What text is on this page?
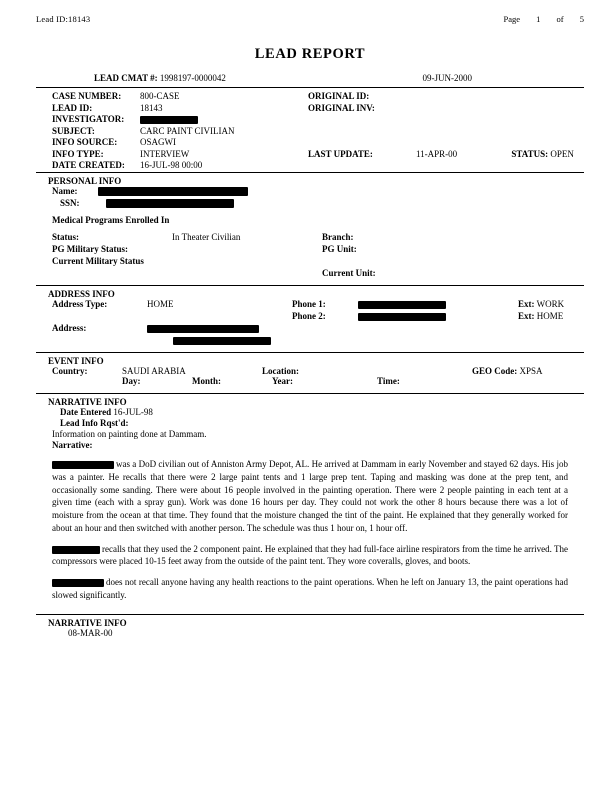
Lead ID:18143	Page 1 of 5
LEAD REPORT
LEAD CMAT #: 1998197-0000042	09-JUN-2000
CASE NUMBER:	800-CASE	ORIGINAL ID:
LEAD ID:	18143	ORIGINAL INV:
INVESTIGATOR:
SUBJECT:	CARC PAINT CIVILIAN
INFO SOURCE:	OSAGWI
INFO TYPE:	INTERVIEW	LAST UPDATE:	11-APR-00	STATUS: OPEN
DATE CREATED:	16-JUL-98 00:00
PERSONAL INFO
Name:
SSN:
Medical Programs Enrolled In
Status:	In Theater Civilian	Branch:
PG Military Status:	PG Unit:
Current Military Status
Current Unit:
ADDRESS INFO
Address Type:	HOME	Phone 1:	Ext: WORK
Phone 2:	Ext: HOME
Address:
EVENT INFO
Country:	SAUDI ARABIA	Location:	GEO Code: XPSA
Day:	Month:	Year:	Time:
NARRATIVE INFO
Date Entered 16-JUL-98
Lead Info Rqst'd:
Information on painting done at Dammam.
Narrative:
was a DoD civilian out of Anniston Army Depot, AL. He arrived at Dammam in early November and stayed 62 days. His job was a painter. He recalls that there were 2 large paint tents and 1 large prep tent. Taping and masking was done at the prep tent, and occasionally some sanding. There were about 16 people involved in the painting operation. There were 2 people painting in each tent at a given time (each with a spray gun). Work was done 16 hours per day. They could not work the other 8 hours because there was a lot of moisture from the ocean at that time. They found that the moisture changed the tint of the paint. He explained that they generally worked for about an hour and then switched with another person. The schedule was thus 1 hour on, 1 hour off.
recalls that they used the 2 component paint. He explained that they had full-face airline respirators from the time he arrived. The compressors were placed 10-15 feet away from the outside of the paint tent. They wore coveralls, gloves, and boots.
does not recall anyone having any health reactions to the paint operations. When he left on January 13, the paint operations had slowed significantly.
NARRATIVE INFO
08-MAR-00
